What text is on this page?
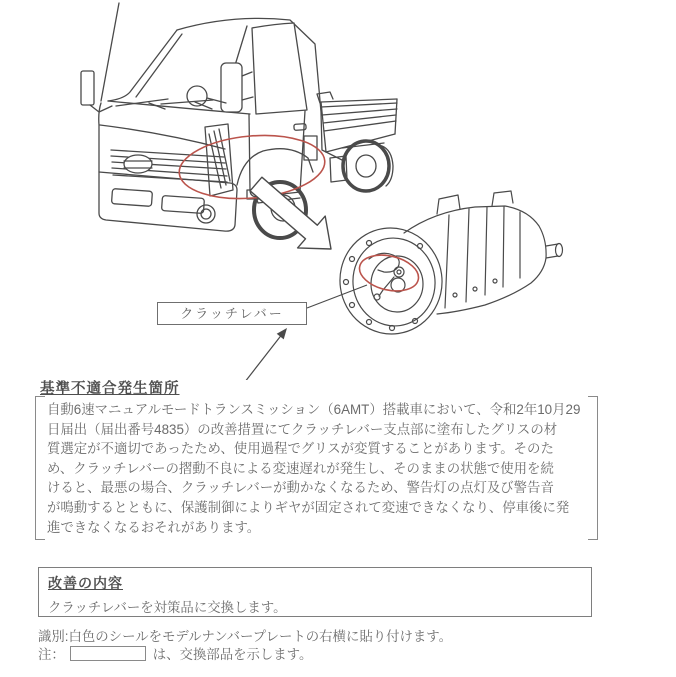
クラッチレバー
基準不適合発生箇所
自動6速マニュアルモードトランスミッション（6AMT）搭載車において、令和2年10月29
日届出（届出番号4835）の改善措置にてクラッチレバー支点部に塗布したグリスの材
質選定が不適切であったため、使用過程でグリスが変質することがあります。そのた
め、クラッチレバーの摺動不良による変速遅れが発生し、そのままの状態で使用を続
けると、最悪の場合、クラッチレバーが動かなくなるため、警告灯の点灯及び警告音
が鳴動するとともに、保護制御によりギヤが固定されて変速できなくなり、停車後に発
進できなくなるおそれがあります。
改善の内容
クラッチレバーを対策品に交換します。
識別:白色のシールをモデルナンバープレートの右横に貼り付けます。
注：	は、交換部品を示します。
